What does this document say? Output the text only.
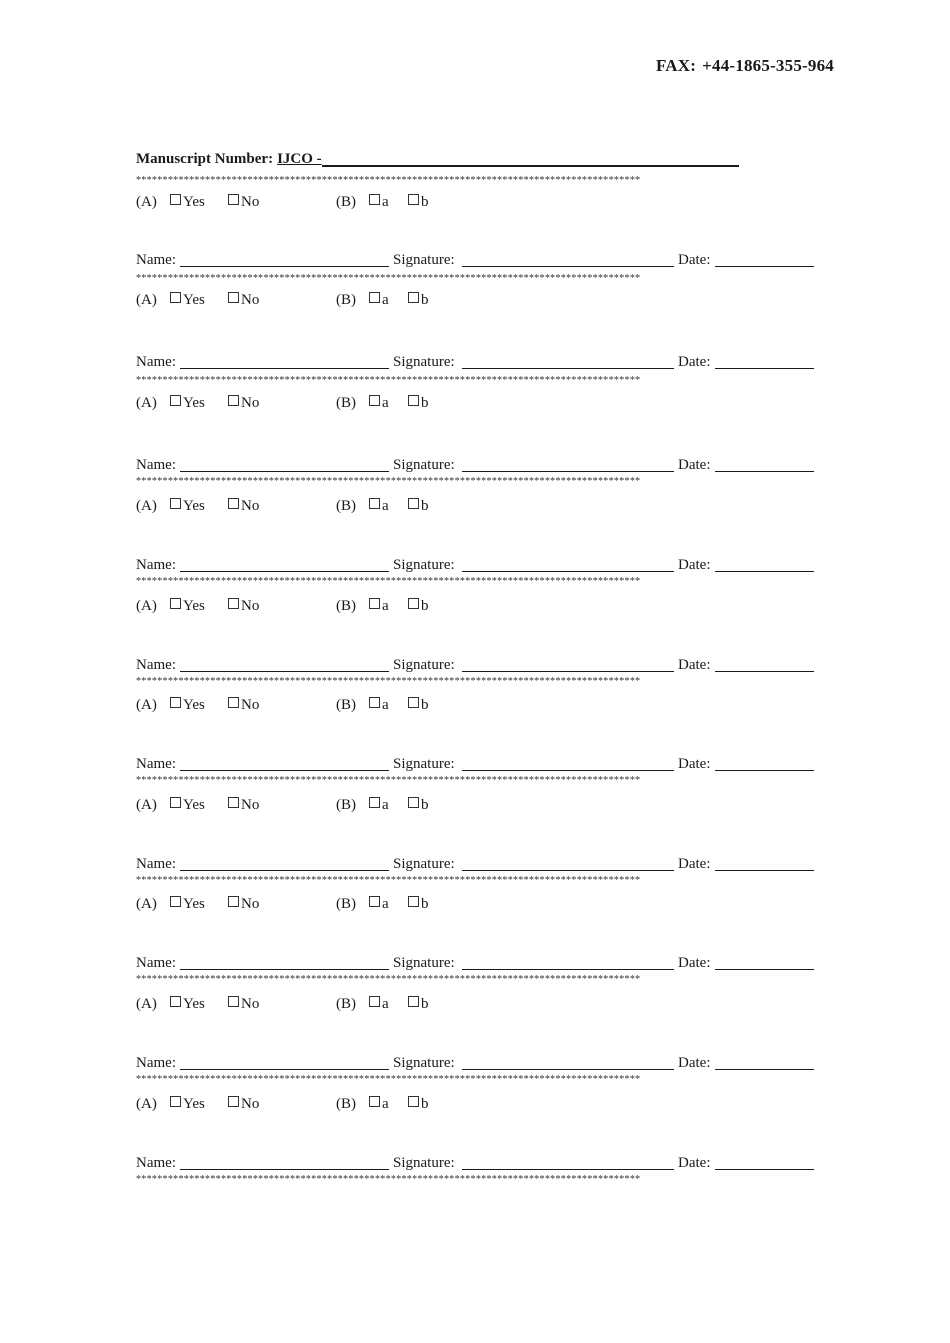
FAX: +44-1865-355-964
Manuscript Number: IJCO -
***********************************************************************************************
(A)	Yes	No	(B)	a	b
Name:	Signature:	Date:
***********************************************************************************************
(A)	Yes	No	(B)	a	b
Name:	Signature:	Date:
***********************************************************************************************
(A)	Yes	No	(B)	a	b
Name:	Signature:	Date:
***********************************************************************************************
(A)	Yes	No	(B)	a	b
Name:	Signature:	Date:
***********************************************************************************************
(A)	Yes	No	(B)	a	b
Name:	Signature:	Date:
***********************************************************************************************
(A)	Yes	No	(B)	a	b
Name:	Signature:	Date:
***********************************************************************************************
(A)	Yes	No	(B)	a	b
Name:	Signature:	Date:
***********************************************************************************************
(A)	Yes	No	(B)	a	b
Name:	Signature:	Date:
***********************************************************************************************
(A)	Yes	No	(B)	a	b
Name:	Signature:	Date:
***********************************************************************************************
(A)	Yes	No	(B)	a	b
Name:	Signature:	Date:
***********************************************************************************************
